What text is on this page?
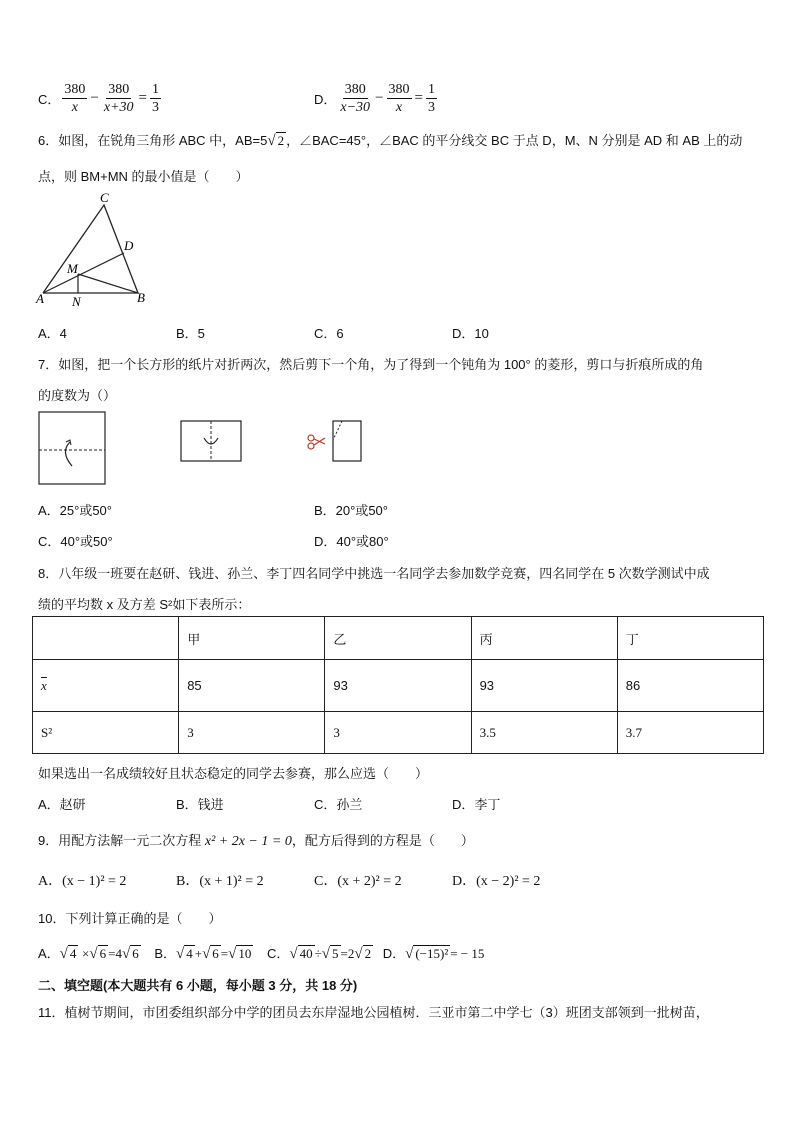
C． $\frac{380}{x} - \frac{380}{x+30} = \frac{1}{3}$	D． $\frac{380}{x-30} - \frac{380}{x} = \frac{1}{3}$
6．如图，在锐角三角形 ABC 中，AB=5√ 2 ，∠BAC=45°，∠BAC 的平分线交 BC 于点 D，M、N 分别是 AD 和 AB 上的动
点，则 BM+MN 的最小值是（　　）
C
D
M
A N	B
A．4	B．5	C．6	D．10
7．如图，把一个长方形的纸片对折两次，然后剪下一个角，为了得到一个钝角为 100° 的菱形，剪口与折痕所成的角
的度数为（）
A．25°或50°	B．20°或50°
C．40°或50°	D．40°或80°
8．八年级一班要在赵研、钱进、孙兰、李丁四名同学中挑选一名同学去参加数学竞赛，四名同学在 5 次数学测试中成
绩的平均数 x 及方差 S²如下表所示：
	甲	乙	丙	丁
$\overline{x}$	85	93	93	86
S²	3	3	3.5	3.7
如果选出一名成绩较好且状态稳定的同学去参赛，那么应选（　　）
A．赵研	B．钱进	C．孙兰	D．李丁
9．用配方法解一元二次方程 x² + 2x − 1 = 0，配方后得到的方程是（　　）
A．(x − 1)² = 2	B．(x + 1)² = 2	C．(x + 2)² = 2	D．(x − 2)² = 2
10．下列计算正确的是（　　）
A．√ 4 ×√ 6 =4√ 6 B．√ 4 +√ 6 =√ 10 C．√ 40 ÷√ 5 =2√ 2 D．√ (−15)² = − 15
二、填空题(本大题共有 6 小题，每小题 3 分，共 18 分)
11．植树节期间，市团委组织部分中学的团员去东岸湿地公园植树．三亚市第二中学七（3）班团支部领到一批树苗，
